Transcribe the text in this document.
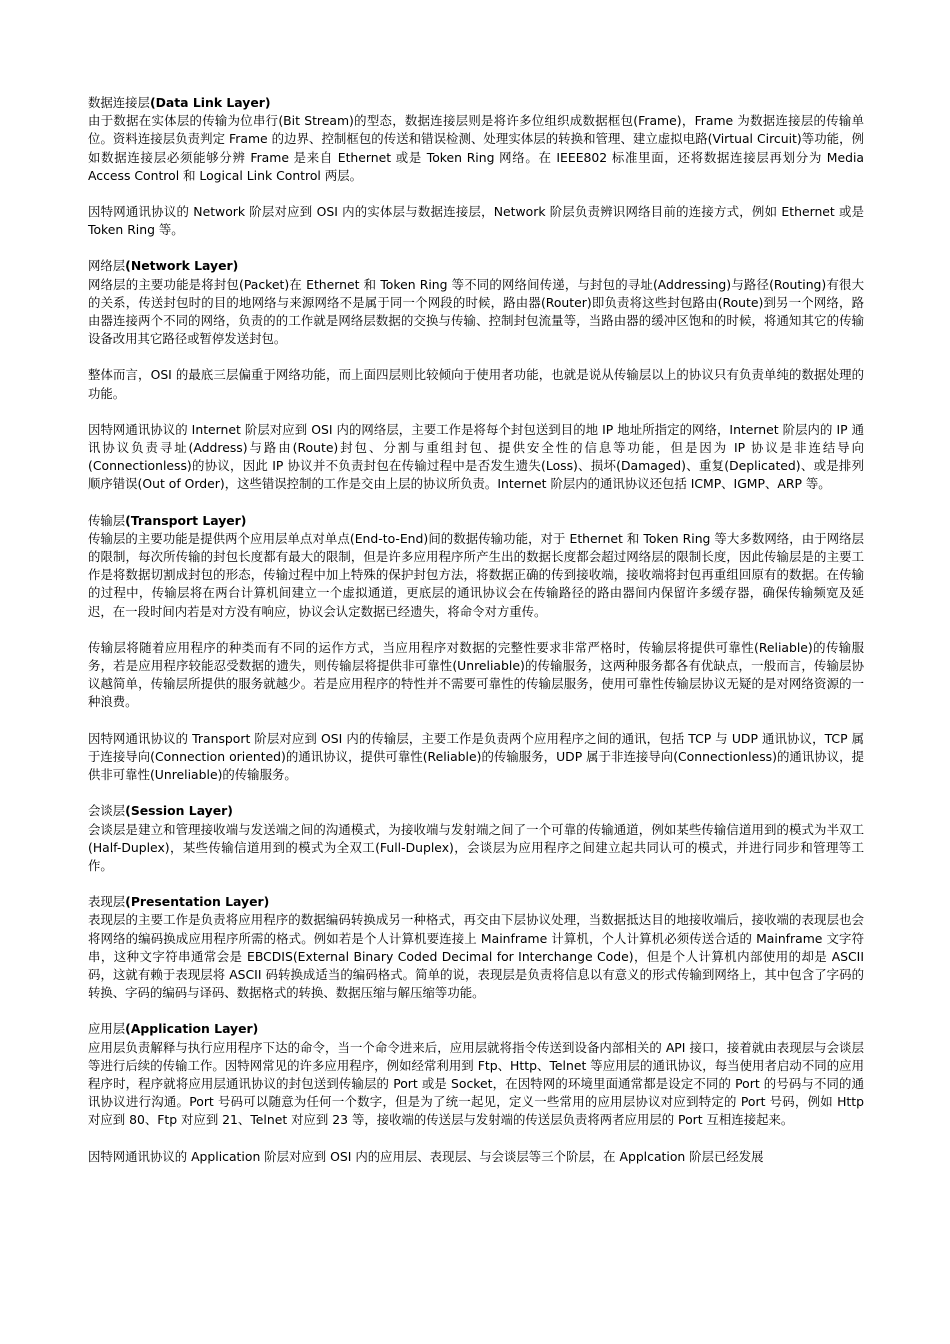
数据连接层(Data Link Layer)

由于数据在实体层的传输为位串行(Bit Stream)的型态，数据连接层则是将许多位组织成数据框包(Frame)，Frame 为数据连接层的传输单位。资料连接层负责判定 Frame 的边界、控制框包的传送和错误检测、处理实体层的转换和管理、建立虚拟电路(Virtual Circuit)等功能，例如数据连接层必须能够分辨 Frame 是来自 Ethernet 或是 Token Ring 网络。在 IEEE802 标准里面，还将数据连接层再划分为 Media Access Control 和 Logical Link Control 两层。

因特网通讯协议的 Network 阶层对应到 OSI 内的实体层与数据连接层，Network 阶层负责辨识网络目前的连接方式，例如 Ethernet 或是 Token Ring 等。

网络层(Network Layer)

网络层的主要功能是将封包(Packet)在 Ethernet 和 Token Ring 等不同的网络间传递，与封包的寻址(Addressing)与路径(Routing)有很大的关系，传送封包时的目的地网络与来源网络不是属于同一个网段的时候，路由器(Router)即负责将这些封包路由(Route)到另一个网络，路由器连接两个不同的网络，负责的的工作就是网络层数据的交换与传输、控制封包流量等，当路由器的缓冲区饱和的时候，将通知其它的传输设备改用其它路径或暂停发送封包。

整体而言，OSI 的最底三层偏重于网络功能，而上面四层则比较倾向于使用者功能，也就是说从传输层以上的协议只有负责单纯的数据处理的功能。

因特网通讯协议的 Internet 阶层对应到 OSI 内的网络层，主要工作是将每个封包送到目的地 IP 地址所指定的网络，Internet 阶层内的 IP 通讯协议负责寻址(Address)与路由(Route)封包、分割与重组封包、提供安全性的信息等功能，但是因为 IP 协议是非连结导向(Connectionless)的协议，因此 IP 协议并不负责封包在传输过程中是否发生遗失(Loss)、损坏(Damaged)、重复(Deplicated)、或是排列顺序错误(Out of Order)，这些错误控制的工作是交由上层的协议所负责。Internet 阶层内的通讯协议还包括 ICMP、IGMP、ARP 等。

传输层(Transport Layer)

传输层的主要功能是提供两个应用层单点对单点(End-to-End)间的数据传输功能，对于 Ethernet 和 Token Ring 等大多数网络，由于网络层的限制，每次所传输的封包长度都有最大的限制，但是许多应用程序所产生出的数据长度都会超过网络层的限制长度，因此传输层是的主要工作是将数据切割成封包的形态，传输过程中加上特殊的保护封包方法，将数据正确的传到接收端，接收端将封包再重组回原有的数据。在传输的过程中，传输层将在两台计算机间建立一个虚拟通道，更底层的通讯协议会在传输路径的路由器间内保留许多缓存器，确保传输频宽及延迟，在一段时间内若是对方没有响应，协议会认定数据已经遗失，将命令对方重传。

传输层将随着应用程序的种类而有不同的运作方式，当应用程序对数据的完整性要求非常严格时，传输层将提供可靠性(Reliable)的传输服务，若是应用程序较能忍受数据的遗失，则传输层将提供非可靠性(Unreliable)的传输服务，这两种服务都各有优缺点，一般而言，传输层协议越简单，传输层所提供的服务就越少。若是应用程序的特性并不需要可靠性的传输层服务，使用可靠性传输层协议无疑的是对网络资源的一种浪费。

因特网通讯协议的 Transport 阶层对应到 OSI 内的传输层，主要工作是负责两个应用程序之间的通讯，包括 TCP 与 UDP 通讯协议，TCP 属于连接导向(Connection oriented)的通讯协议，提供可靠性(Reliable)的传输服务，UDP 属于非连接导向(Connectionless)的通讯协议，提供非可靠性(Unreliable)的传输服务。

会谈层(Session Layer)

会谈层是建立和管理接收端与发送端之间的沟通模式，为接收端与发射端之间了一个可靠的传输通道，例如某些传输信道用到的模式为半双工(Half-Duplex)，某些传输信道用到的模式为全双工(Full-Duplex)，会谈层为应用程序之间建立起共同认可的模式，并进行同步和管理等工作。

表现层(Presentation Layer)

表现层的主要工作是负责将应用程序的数据编码转换成另一种格式，再交由下层协议处理，当数据抵达目的地接收端后，接收端的表现层也会将网络的编码换成应用程序所需的格式。例如若是个人计算机要连接上 Mainframe 计算机，个人计算机必须传送合适的 Mainframe 文字符串，这种文字符串通常会是 EBCDIS(External Binary Coded Decimal for Interchange Code)，但是个人计算机内部使用的却是 ASCII 码，这就有赖于表现层将 ASCII 码转换成适当的编码格式。简单的说，表现层是负责将信息以有意义的形式传输到网络上，其中包含了字码的转换、字码的编码与译码、数据格式的转换、数据压缩与解压缩等功能。

应用层(Application Layer)

应用层负责解释与执行应用程序下达的命令，当一个命令进来后，应用层就将指令传送到设备内部相关的 API 接口，接着就由表现层与会谈层等进行后续的传输工作。因特网常见的许多应用程序，例如经常利用到 Ftp、Http、Telnet 等应用层的通讯协议，每当使用者启动不同的应用程序时，程序就将应用层通讯协议的封包送到传输层的 Port 或是 Socket，在因特网的环境里面通常都是设定不同的 Port 的号码与不同的通讯协议进行沟通。Port 号码可以随意为任何一个数字，但是为了统一起见，定义一些常用的应用层协议对应到特定的 Port 号码，例如 Http 对应到 80、Ftp 对应到 21、Telnet 对应到 23 等，接收端的传送层与发射端的传送层负责将两者应用层的 Port 互相连接起来。

因特网通讯协议的 Application 阶层对应到 OSI 内的应用层、表现层、与会谈层等三个阶层，在 Applcation 阶层已经发展
